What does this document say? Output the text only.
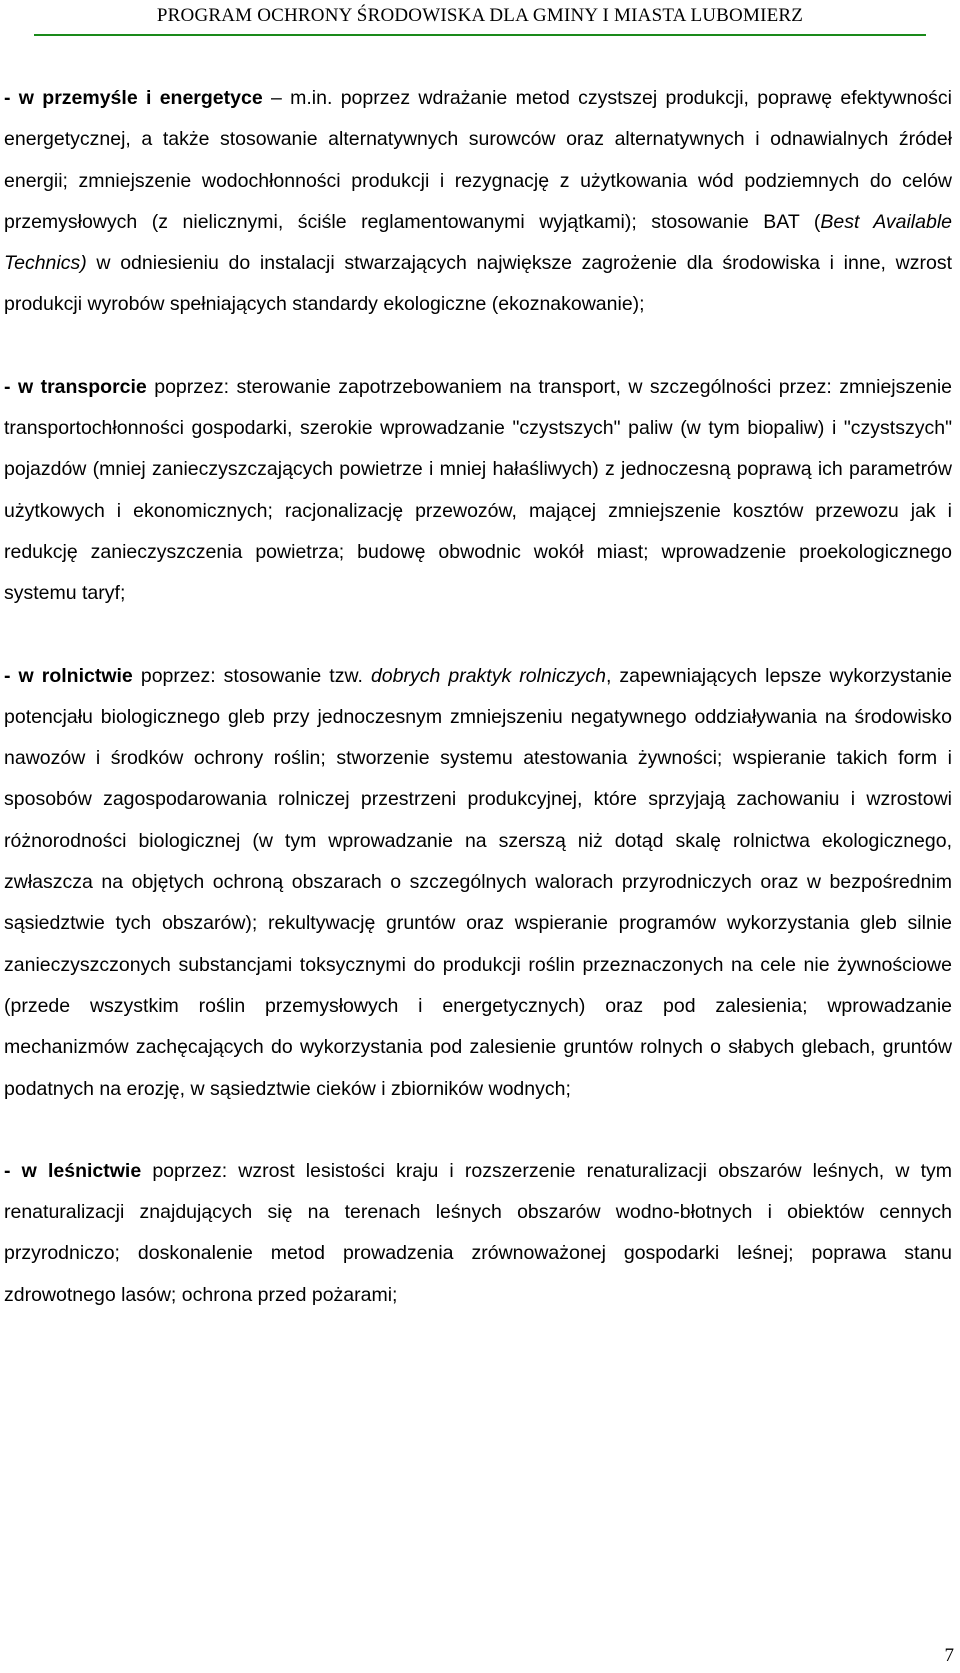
PROGRAM OCHRONY ŚRODOWISKA DLA GMINY I MIASTA LUBOMIERZ

- w przemyśle i energetyce – m.in. poprzez wdrażanie metod czystszej produkcji, poprawę efektywności energetycznej, a także stosowanie alternatywnych surowców oraz alternatywnych i odnawialnych źródeł energii; zmniejszenie wodochłonności produkcji i rezygnację z użytkowania wód podziemnych do celów przemysłowych (z nielicznymi, ściśle reglamentowanymi wyjątkami); stosowanie BAT (Best Available Technics) w odniesieniu do instalacji stwarzających największe zagrożenie dla środowiska i inne, wzrost produkcji wyrobów spełniających standardy ekologiczne (ekoznakowanie);

- w transporcie poprzez: sterowanie zapotrzebowaniem na transport, w szczególności przez: zmniejszenie transportochłonności gospodarki, szerokie wprowadzanie "czystszych" paliw (w tym biopaliw) i "czystszych" pojazdów (mniej zanieczyszczających powietrze i mniej hałaśliwych) z jednoczesną poprawą ich parametrów użytkowych i ekonomicznych; racjonalizację przewozów, mającej zmniejszenie kosztów przewozu jak i redukcję zanieczyszczenia powietrza; budowę obwodnic wokół miast; wprowadzenie proekologicznego systemu taryf;

- w rolnictwie poprzez: stosowanie tzw. dobrych praktyk rolniczych, zapewniających lepsze wykorzystanie potencjału biologicznego gleb przy jednoczesnym zmniejszeniu negatywnego oddziaływania na środowisko nawozów i środków ochrony roślin; stworzenie systemu atestowania żywności; wspieranie takich form i sposobów zagospodarowania rolniczej przestrzeni produkcyjnej, które sprzyjają zachowaniu i wzrostowi różnorodności biologicznej (w tym wprowadzanie na szerszą niż dotąd skalę rolnictwa ekologicznego, zwłaszcza na objętych ochroną obszarach o szczególnych walorach przyrodniczych oraz w bezpośrednim sąsiedztwie tych obszarów); rekultywację gruntów oraz wspieranie programów wykorzystania gleb silnie zanieczyszczonych substancjami toksycznymi do produkcji roślin przeznaczonych na cele nie żywnościowe (przede wszystkim roślin przemysłowych i energetycznych) oraz pod zalesienia; wprowadzanie mechanizmów zachęcających do wykorzystania pod zalesienie gruntów rolnych o słabych glebach, gruntów podatnych na erozję, w sąsiedztwie cieków i zbiorników wodnych;

- w leśnictwie poprzez: wzrost lesistości kraju i rozszerzenie renaturalizacji obszarów leśnych, w tym renaturalizacji znajdujących się na terenach leśnych obszarów wodno-błotnych i obiektów cennych przyrodniczo; doskonalenie metod prowadzenia zrównoważonej gospodarki leśnej; poprawa stanu zdrowotnego lasów; ochrona przed pożarami;

7
